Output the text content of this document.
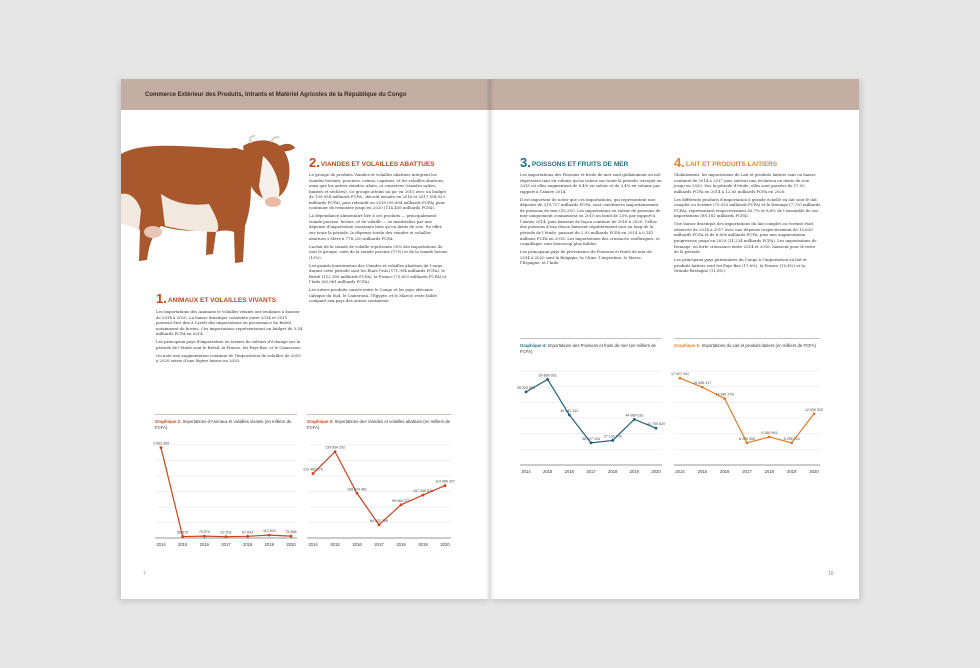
Commerce Extérieur des Produits, Intrants et Matériel Agricoles de la République du Congo
1.ANIMAUX ET VOLAILLES VIVANTS

Les importations des Animaux et volailles vivants ont tendance à baisser de 2014 à 2020. La baisse drastique constatée entre 2014 et 2015 pourrait être due à l’arrêt des importations en provenance du Brésil notamment de bovins. Ces importations représentaient un budget de 3,54 milliards FCFA en 2014.

Les principaux pays d’importation en termes de valeurs d’échange sur la période de l’étude sont le Brésil, la France, les Pays-Bas, et le Cameroun.

On note une augmentation continue de l’importation de volailles de 2019 à 2020 suivie d’une légère baisse en 2020.

2.VIANDES ET VOLAILLES ABATTUES

Le groupe de produits Viandes et volailles abattues intègrent les viandes bovines, porcines, ovines, caprines, et les volailles abattues, ainsi que les autres viandes, abats, et conserves (viandes salées, fumées et séchées). Ce groupe atteint un pic en 2015 avec un budget de 139,954 milliards FCFA , décroît ensuite en 2016 et 2017 (84,923 milliards FCFA), puis rebondit en 2018 (99,984 milliards FCFA) pour continuer de remonter jusqu’en 2020 (114,456 milliards FCFA).

La dépendance alimentaire liée à ces produits — principalement viande porcine, bovine, et de volaille — se matérialise par une dépense d’importation constante bien qu’en dents de scie. En effet, sur toute la période, la dépense totale des viandes et volailles abattues s’élève à 778,230 milliards FCFA.

L’achat de la viande de volaille représente 55% des importations de tout le groupe, suivi de la viande porcine (17%) et de la viande bovine (13%).

Les grands fournisseurs des Viandes et volailles abattues du Congo durant cette période sont les États-Unis (171,994 milliards FCFA), le Brésil (112,189 milliards FCFA), la France (73,653 milliards FCFA) et l’Inde (65,961 milliards FCFA).

Les autres produits carnés entre le Congo et les pays africains (Afrique du Sud, le Cameroun, l’Égypte, et le Maroc) reste faible comparé aux pays des autres continents.

Graphique 2: Importations d’Animaux et volailles vivants (en milliers de FCFA)
3 593 369
2014
56 679
2015
75 570
2016
53 203
2017
67 643
2018
113 824
2019
75 558
2020
Graphique 3: Importations des Viandes et volailles abattues (en milliers de FCFA)
123 492 572
2014
139 954 292
2015
108 674 481
2016
84 922 749
2017
99 984 277
2018
107 345 876
2019
114 456 337
2020
7
3.POISSONS ET FRUITS DE MER

Les importations des Poissons et fruits de mer sont globalement en net régression tant en volume qu’en valeur sur toute la période, excepté en 2015 où elles augmentent de 8,4% en valeur et de 3,4% en volume par rapport à l’année 2014.

Il est important de noter que ces importations, qui représentent une dépense de 319,717 milliards FCFA, sont constituées majoritairement de poissons de mer (55,2%). Les importations en valeur de poissons de mer uniquement connaissent en 2015 un bond de 25% par rapport à l’année 2014, puis baissent de façon continue de 2016 à 2020. Celles des poissons d’eau douce baissent régulièrement tout au long de la période de l’étude, passant de 2,03 milliards FCFA en 2014 à 0,141 millions FCFA en 2018. Les importations des crustacés, mollusques, et coquillages sont beaucoup plus faibles.

Les principaux pays de provenance de Poissons et fruits de mer de 2014 à 2020 sont la Belgique, la Chine, l’Argentine, le Maroc, l’Espagne, et l’Inde.

4.LAIT ET PRODUITS LAITIERS

Globalement, les importations de Lait et produits laitiers sont en baisse continue de 2014 à 2017 puis suivent une évolution en dents de scie jusqu’en 2020. Sur la période d’étude, elles sont passées de 17,92 milliards FCFA en 2014 à 12,63 milliards FCFA en 2020.

Les différents produits d’importation à grande échelle en lait sont le lait complet ou écrémé (75,535 milliards FCFA) et le fromage (7,720 milliards FCFA), représentant respectivement 85,7% et 8,8% de l’ensemble de ces importations (88,182 milliards FCFA).

Une baisse drastique des importations du lait complet ou écrémé était observée de 2014 à 2017 avec une dépense respectivement de 15,620 milliards FCFA et de 6,656 milliards FCFA, puis une augmentation progressive jusqu’en 2020 (11,234 milliards FCFA). Les importations de fromage, en forte croissance entre 2014 et 2016, baissent pour le reste de la période.

Les principaux pays partenaires du Congo à l’importation en lait et produits laitiers sont les Pays-Bas (17,6%), la France (15,4%) et la Grande-Bretagne (11,8%).

Graphique 4: Importations des Poissons et fruits de mer (en milliers de FCFA)
55 220 091
2014
59 868 931
2015
46 642 312
2016
36 227 104
2017
37 139 278
2018
44 989 610
2019
41 709 820
2020
Graphique 5: Importations du Lait et produits laitiers (en milliers de FCFA)
17 927 441
2014
16 596 417
2015
14 881 278
2016
8 299 354
2017
9 180 991
2018
8 295 224
2019
12 630 923
2020
10
